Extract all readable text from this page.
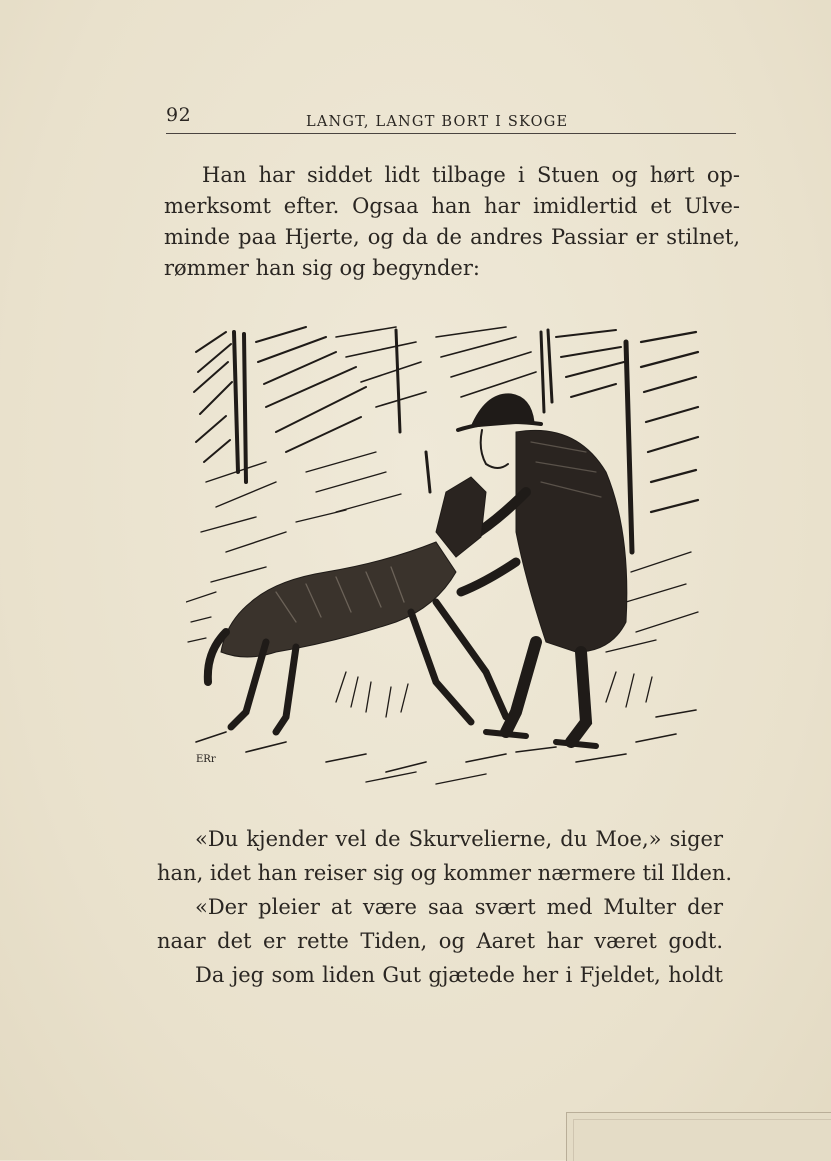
92	LANGT, LANGT BORT I SKOGE
Han har siddet lidt tilbage i Stuen og hørt op-
merksomt efter. Ogsaa han har imidlertid et Ulve-
minde paa Hjerte, og da de andres Passiar er stilnet,
rømmer han sig og begynder:
ERr
«Du kjender vel de Skurvelierne, du Moe,» siger
han, idet han reiser sig og kommer nærmere til Ilden.
«Der pleier at være saa svært med Multer der
naar det er rette Tiden, og Aaret har været godt.
Da jeg som liden Gut gjætede her i Fjeldet, holdt
